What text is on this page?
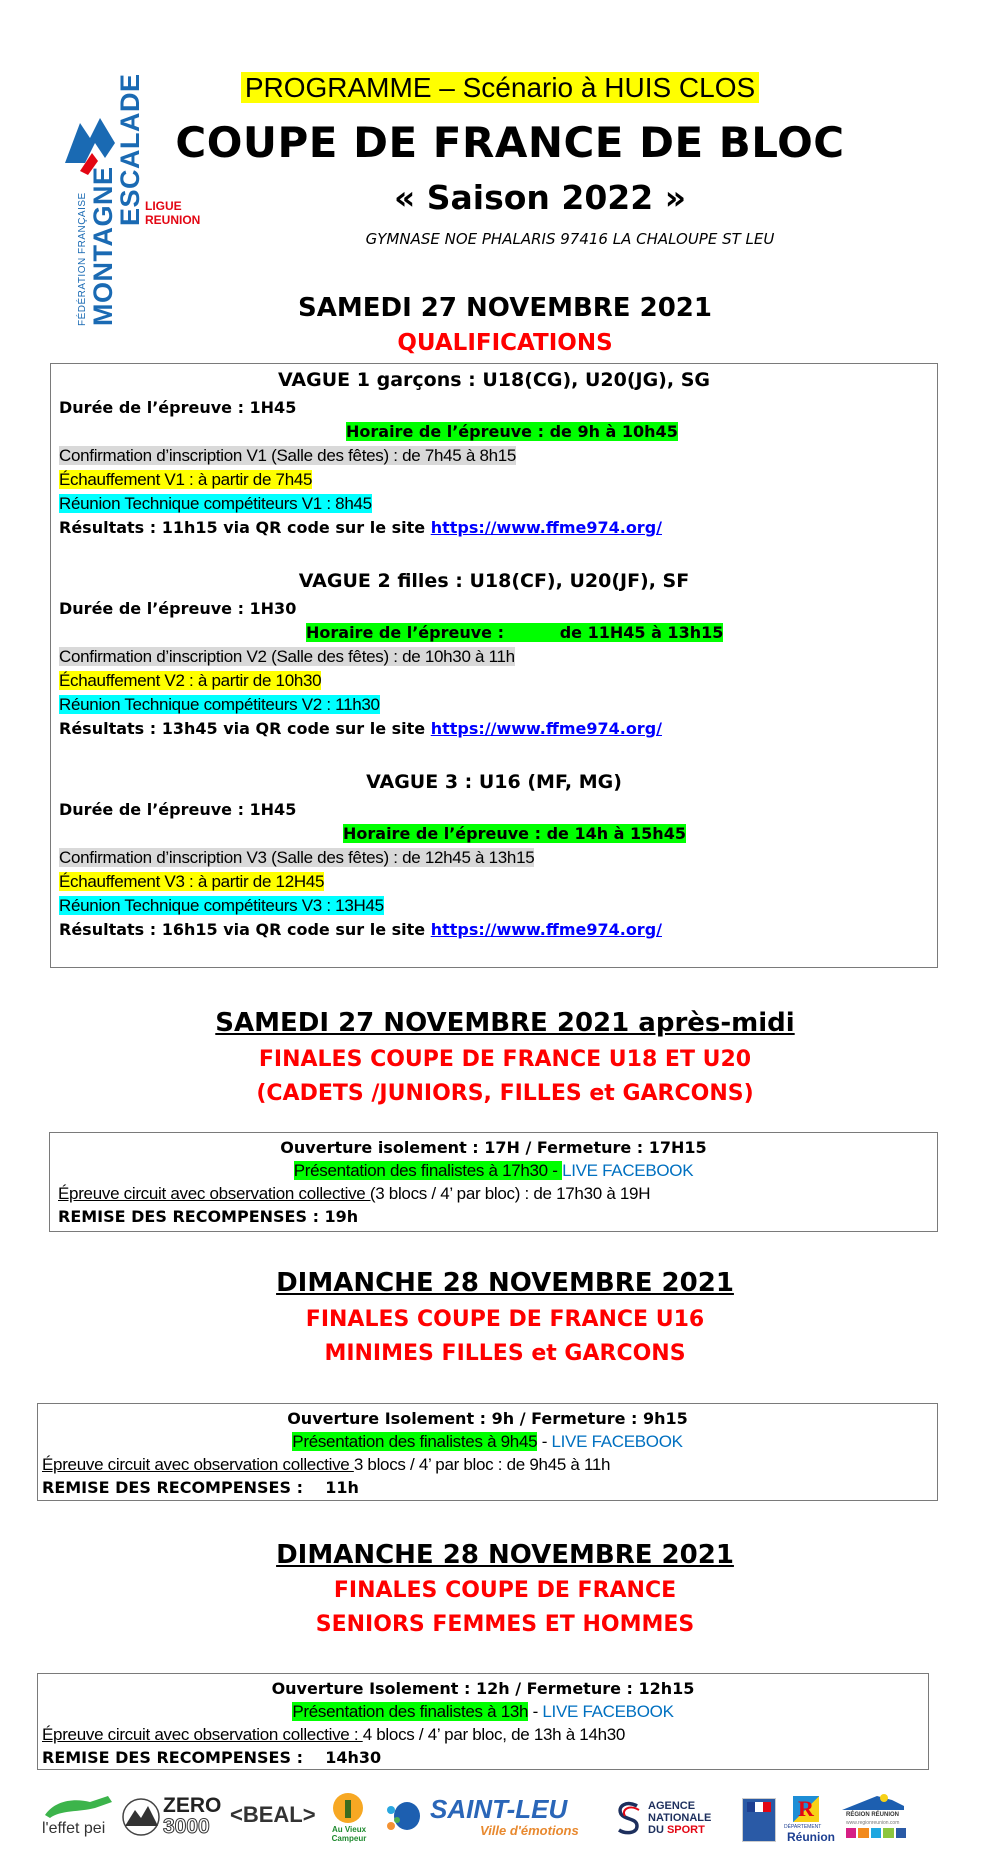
FÉDÉRATION FRANÇAISE MONTAGNE
ESCALADE LIGUE
REUNION
PROGRAMME – Scénario à HUIS CLOS
COUPE DE FRANCE DE BLOC
« Saison 2022 »
GYMNASE NOE PHALARIS 97416 LA CHALOUPE ST LEU
SAMEDI 27 NOVEMBRE 2021
QUALIFICATIONS
VAGUE 1 garçons : U18(CG), U20(JG), SG
Durée de l’épreuve : 1H45
Horaire de l’épreuve : de 9h à 10h45
Confirmation d’inscription V1 (Salle des fêtes) : de 7h45 à 8h15
Échauffement V1 : à partir de 7h45
Réunion Technique compétiteurs V1 : 8h45
Résultats : 11h15 via QR code sur le site https://www.ffme974.org/
VAGUE 2 filles : U18(CF), U20(JF), SF
Durée de l’épreuve : 1H30
Horaire de l’épreuve :          de 11H45 à 13h15
Confirmation d’inscription V2 (Salle des fêtes) : de 10h30 à 11h
Échauffement V2 : à partir de 10h30
Réunion Technique compétiteurs V2 : 11h30
Résultats : 13h45 via QR code sur le site https://www.ffme974.org/
VAGUE 3 : U16 (MF, MG)
Durée de l’épreuve : 1H45
Horaire de l’épreuve : de 14h à 15h45
Confirmation d’inscription V3 (Salle des fêtes) : de 12h45 à 13h15
Échauffement V3 : à partir de 12H45
Réunion Technique compétiteurs V3 : 13H45
Résultats : 16h15 via QR code sur le site https://www.ffme974.org/
SAMEDI 27 NOVEMBRE 2021 après-midi
FINALES COUPE DE FRANCE U18 ET U20
(CADETS /JUNIORS, FILLES et GARCONS)
Ouverture isolement : 17H / Fermeture : 17H15
Présentation des finalistes à 17h30 - LIVE FACEBOOK
Épreuve circuit avec observation collective (3 blocs / 4’ par bloc) : de 17h30 à 19H
REMISE DES RECOMPENSES : 19h
DIMANCHE 28 NOVEMBRE 2021
FINALES COUPE DE FRANCE U16
MINIMES FILLES et GARCONS
Ouverture Isolement : 9h / Fermeture : 9h15
Présentation des finalistes à 9h45 - LIVE FACEBOOK
Épreuve circuit avec observation collective 3 blocs / 4’ par bloc : de 9h45 à 11h
REMISE DES RECOMPENSES :    11h
DIMANCHE 28 NOVEMBRE 2021
FINALES COUPE DE FRANCE
SENIORS FEMMES ET HOMMES
Ouverture Isolement : 12h / Fermeture : 12h15
Présentation des finalistes à 13h - LIVE FACEBOOK
Épreuve circuit avec observation collective : 4 blocs / 4’ par bloc, de 13h à 14h30
REMISE DES RECOMPENSES :    14h30
l'effet pei
ZERO
3000 <BEAL>
Au Vieux Campeur
SAINT-LEU
Ville d'émotions
AGENCE
NATIONALE
DU SPORT
R
DÉPARTEMENT
Réunion
RÉGION RÉUNION
www.regionreunion.com
